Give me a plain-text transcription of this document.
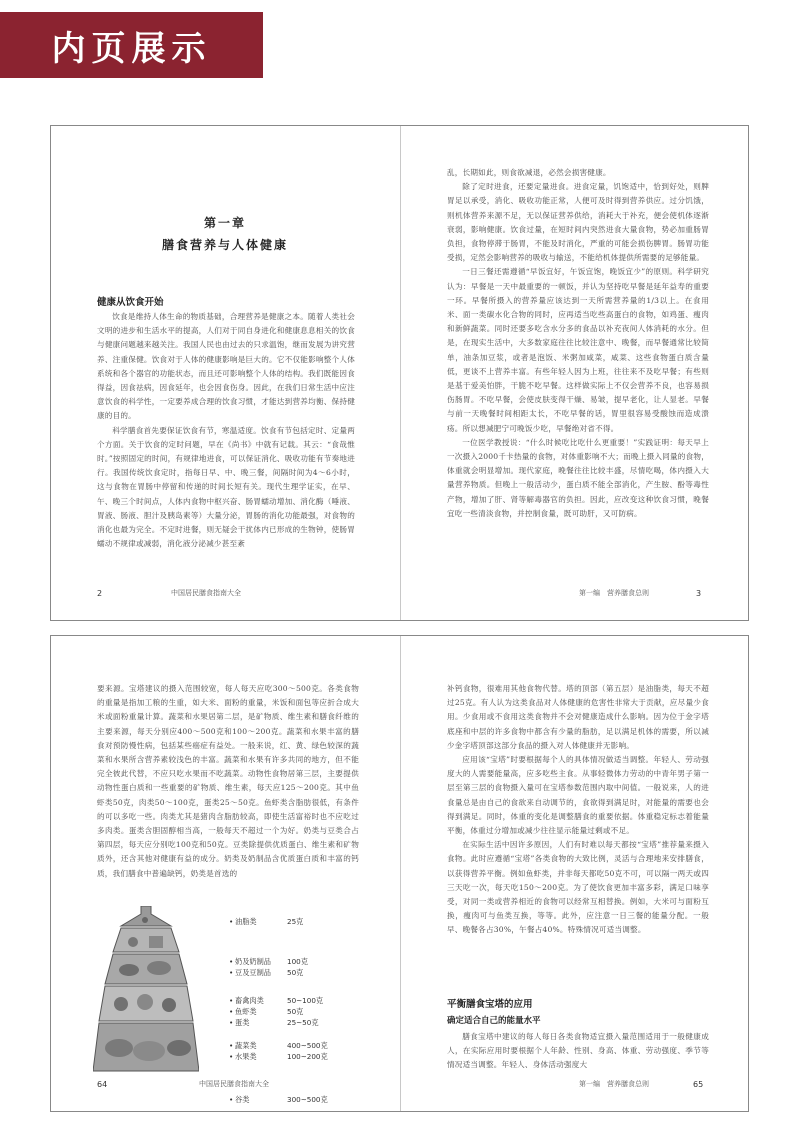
内页展示
第一章
膳食营养与人体健康
健康从饮食开始

饮食是维持人体生命的物质基础，合理营养是健康之本。随着人类社会文明的进步和生活水平的提高，人们对于同自身进化和健康息息相关的饮食与健康问题越来越关注。我国人民也由过去的只求温饱，继而发展为讲究营养、注重保健。饮食对于人体的健康影响是巨大的。它不仅能影响整个人体系统和各个器官的功能状态，而且还可影响整个人体的结构。我们既能因食得益，因食祛病，因食延年，也会因食伤身。因此，在我们日常生活中应注意饮食的科学性，一定要养成合理的饮食习惯，才能达到营养均衡、保持健康的目的。

科学膳食首先要保证饮食有节，寒温适度。饮食有节包括定时、定量两个方面。关于饮食的定时问题，早在《尚书》中就有记载。其云：“食哉惟时。”按照固定的时间，有规律地进食，可以保证消化、吸收功能有节奏地进行。我国传统饮食定时，指每日早、中、晚三餐，间隔时间为4～6小时，这与食物在胃肠中停留和传递的时间长短有关。现代生理学证实，在早、午、晚三个时间点，人体内食物中枢兴奋、肠胃蠕动增加、消化酶（唾液、胃液、肠液、胆汁及胰岛素等）大量分泌，胃肠的消化功能最强，对食物的消化也最为完全。不定时进餐，则无疑会干扰体内已形成的生物钟，使肠胃蠕动不规律或减弱，消化液分泌减少甚至紊

2	中国居民膳食指南大全
乱，长期如此，则食欲减退，必然会损害健康。

除了定时进食，还要定量进食。进食定量，饥饱适中，恰到好处，则脾胃足以承受，消化、吸收功能正常，人便可及时得到营养供应。过分饥饿，则机体营养来源不足，无以保证营养供给，消耗大于补充，便会使机体逐渐衰弱，影响健康。饮食过量，在短时间内突然进食大量食物，势必加重肠胃负担，食物停滞于肠胃，不能及时消化，严重的可能会损伤脾胃。肠胃功能受损，定然会影响营养的吸收与输送，不能给机体提供所需要的足够能量。

一日三餐还需遵循“早饭宜好，午饭宜饱，晚饭宜少”的原则。科学研究认为：早餐是一天中最重要的一顿饭，并认为坚持吃早餐是延年益寿的重要一环。早餐所摄入的营养量应该达到一天所需营养量的1/3以上。在食用米、面一类碳水化合物的同时，应再适当吃些高蛋白的食物，如鸡蛋、瘦肉和新鲜蔬菜。同时还要多吃含水分多的食品以补充夜间人体消耗的水分。但是，在现实生活中，大多数家庭往往比较注意中、晚餐，而早餐通常比较简单，油条加豆浆，或者是泡饭、米粥加咸菜，咸菜、这些食物蛋白质含量低，更谈不上营养丰富。有些年轻人因为上班，往往来不及吃早餐；有些则是基于爱美怕胖，干脆不吃早餐。这样做实际上不仅会营养不良，也容易损伤肠胃。不吃早餐，会使皮肤变得干燥、易皱，提早老化，让人显老。早餐与前一天晚餐时间相距太长，不吃早餐的话，胃里很容易受酸蚀而造成溃疡。所以想减肥宁可晚饭少吃，早餐绝对省不得。

一位医学教授说：“什么时候吃比吃什么更重要！”实践证明：每天早上一次摄入2000千卡热量的食物，对体重影响不大；而晚上摄入同量的食物，体重就会明显增加。现代家庭，晚餐往往比较丰盛，尽情吃喝，体内摄入大量营养物质。但晚上一般活动少，蛋白质不能全部消化，产生胺、酚等毒性产物，增加了肝、肾等解毒器官的负担。因此，应改变这种饮食习惯，晚餐宜吃一些清淡食物，并控制食量，既可助肝，又可防病。

第一编　营养膳食总则	3
要来源。宝塔建议的摄入范围较宽，每人每天应吃300～500克。各类食物的重量是指加工粮的生重，如大米、面粉的重量，米饭和面包等应折合成大米或面粉重量计算。蔬菜和水果居第二层，是矿物质、维生素和膳食纤维的主要来源，每天分别应400～500克和100～200克。蔬菜和水果丰富的膳食对预防慢性病，包括某些癌症有益处。一般来说，红、黄、绿色较深的蔬菜和水果所含营养素较浅色的丰富。蔬菜和水果有许多共同的地方，但不能完全彼此代替，不应只吃水果而不吃蔬菜。动物性食物居第三层，主要提供动物性蛋白质和一些重要的矿物质、维生素，每天应125～200克。其中鱼虾类50克，肉类50～100克，蛋类25～50克。鱼虾类含脂肪很低，有条件的可以多吃一些。肉类尤其是猪肉含脂肪较高，即使生活富裕时也不应吃过多肉类。蛋类含胆固醇相当高，一般每天不超过一个为好。奶类与豆类合占第四层，每天应分别吃100克和50克。豆类除提供优质蛋白、维生素和矿物质外，还含其他对健康有益的成分。奶类及奶制品含优质蛋白质和丰富的钙质，我们膳食中普遍缺钙，奶类是首选的
• 油脂类	25克
• 奶及奶制品 100克
• 豆及豆制品 50克
• 畜禽肉类	50~100克
• 鱼虾类	50克
• 蛋类	25~50克
• 蔬菜类	400~500克
• 水果类	100~200克
• 谷类	300~500克
64	中国居民膳食指南大全
补钙食物，很难用其他食物代替。塔的顶部（第五层）是油脂类，每天不超过25克。有人认为这类食品对人体健康的危害性非常大于贡献，应尽量少食用。少食用或不食用这类食物并不会对健康造成什么影响。因为位于金字塔底座和中层的许多食物中都含有少量的脂肪，足以满足机体的需要，所以减少金字塔顶部这部分食品的摄入对人体健康并无影响。

应用该“宝塔”时要根据每个人的具体情况做适当调整。年轻人、劳动强度大的人需要能量高，应多吃些主食。从事轻微体力劳动的中青年男子第一层至第三层的食物摄入量可在宝塔参数范围内取中间值。一般说来，人的进食量总是由自己的食欲来自动调节的，食欲得到满足时，对能量的需要也会得到满足。同时，体重的变化是调整膳食的重要依据。体重稳定标志着能量平衡，体重过分增加或减少往往显示能量过剩或不足。

在实际生活中因许多原因，人们有时难以每天都按“宝塔”推荐量来摄入食物。此时应遵循“宝塔”各类食物的大致比例，灵活与合理地来安排膳食，以获得营养平衡。例如鱼虾类，并非每天都吃50克不可，可以隔一两天或四三天吃一次，每天吃150～200克。为了使饮食更加丰富多彩，满足口味享受，对同一类或营养相近的食物可以经常互相替换。例如，大米可与面粉互换，瘦肉可与鱼类互换，等等。此外，应注意一日三餐的能量分配。一般早、晚餐各占30%，午餐占40%。特殊情况可适当调整。

平衡膳食宝塔的应用
确定适合自己的能量水平

膳食宝塔中建议的每人每日各类食物适宜摄入量范围适用于一般健康成人，在实际应用时要根据个人年龄、性别、身高、体重、劳动强度、季节等情况适当调整。年轻人、身体活动强度大

第一编　营养膳食总则	65
